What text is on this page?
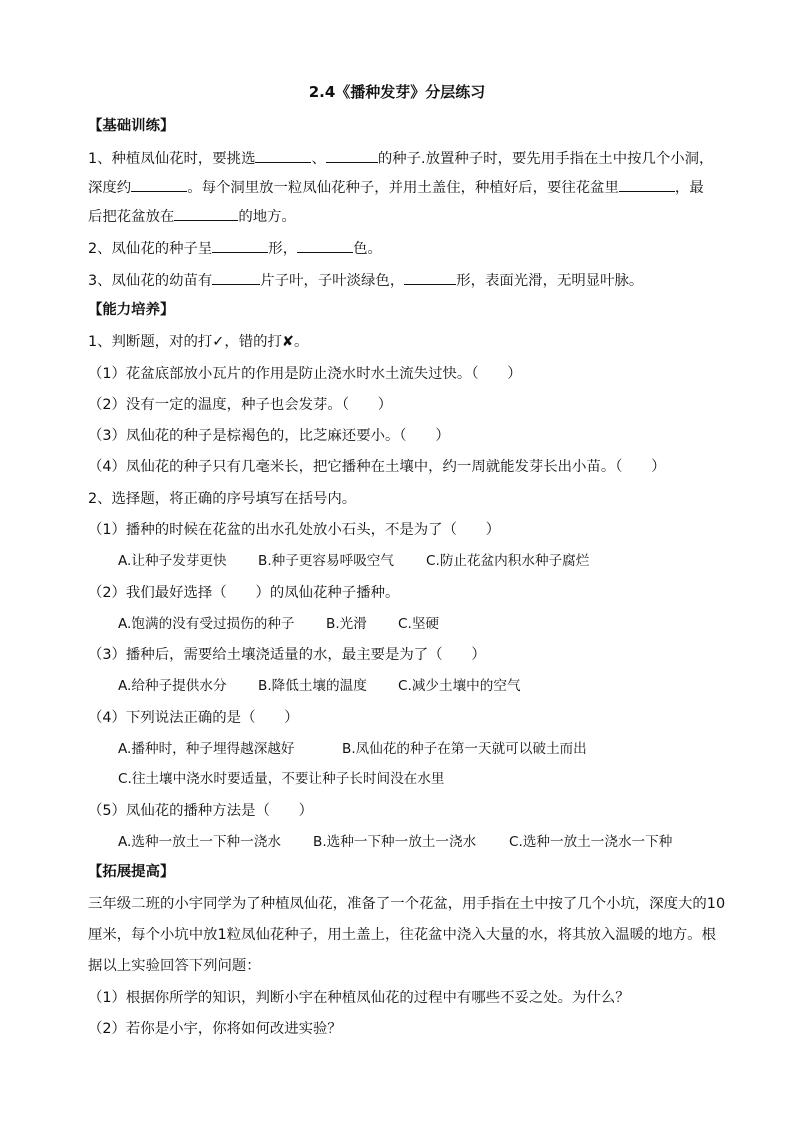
2.4《播种发芽》分层练习
【基础训练】
1、种植凤仙花时，要挑选	、	的种子.放置种子时，要先用手指在土中按几个小洞，
深度约	。每个洞里放一粒凤仙花种子，并用土盖住，种植好后，要往花盆里	，最
后把花盆放在	的地方。
2、凤仙花的种子呈	形，	色。
3、凤仙花的幼苗有	片子叶，子叶淡绿色，	形，表面光滑，无明显叶脉。
【能力培养】
1、判断题，对的打✓，错的打✘。
（1）花盆底部放小瓦片的作用是防止浇水时水土流失过快。（　　）
（2）没有一定的温度，种子也会发芽。（　　）
（3）凤仙花的种子是棕褐色的，比芝麻还要小。（　　）
（4）凤仙花的种子只有几毫米长，把它播种在土壤中，约一周就能发芽长出小苗。（　　）
2、选择题，将正确的序号填写在括号内。
（1）播种的时候在花盆的出水孔处放小石头，不是为了（　　）
A.让种子发芽更快 B.种子更容易呼吸空气 C.防止花盆内积水种子腐烂
（2）我们最好选择（　　）的凤仙花种子播种。
A.饱满的没有受过损伤的种子 B.光滑 C.坚硬
（3）播种后，需要给土壤浇适量的水，最主要是为了（　　）
A.给种子提供水分 B.降低土壤的温度 C.减少土壤中的空气
（4）下列说法正确的是（　　）
A.播种时，种子埋得越深越好	B.凤仙花的种子在第一天就可以破土而出
C.往土壤中浇水时要适量，不要让种子长时间没在水里
（5）凤仙花的播种方法是（　　）
A.选种一放土一下种一浇水 B.选种一下种一放土一浇水 C.选种一放土一浇水一下种
【拓展提高】
三年级二班的小宇同学为了种植凤仙花，准备了一个花盆，用手指在土中按了几个小坑，深度大的10
厘米，每个小坑中放1粒凤仙花种子，用土盖上，往花盆中浇入大量的水，将其放入温暖的地方。根
据以上实验回答下列问题：
（1）根据你所学的知识，判断小宇在种植凤仙花的过程中有哪些不妥之处。为什么？
（2）若你是小宇，你将如何改进实验？
